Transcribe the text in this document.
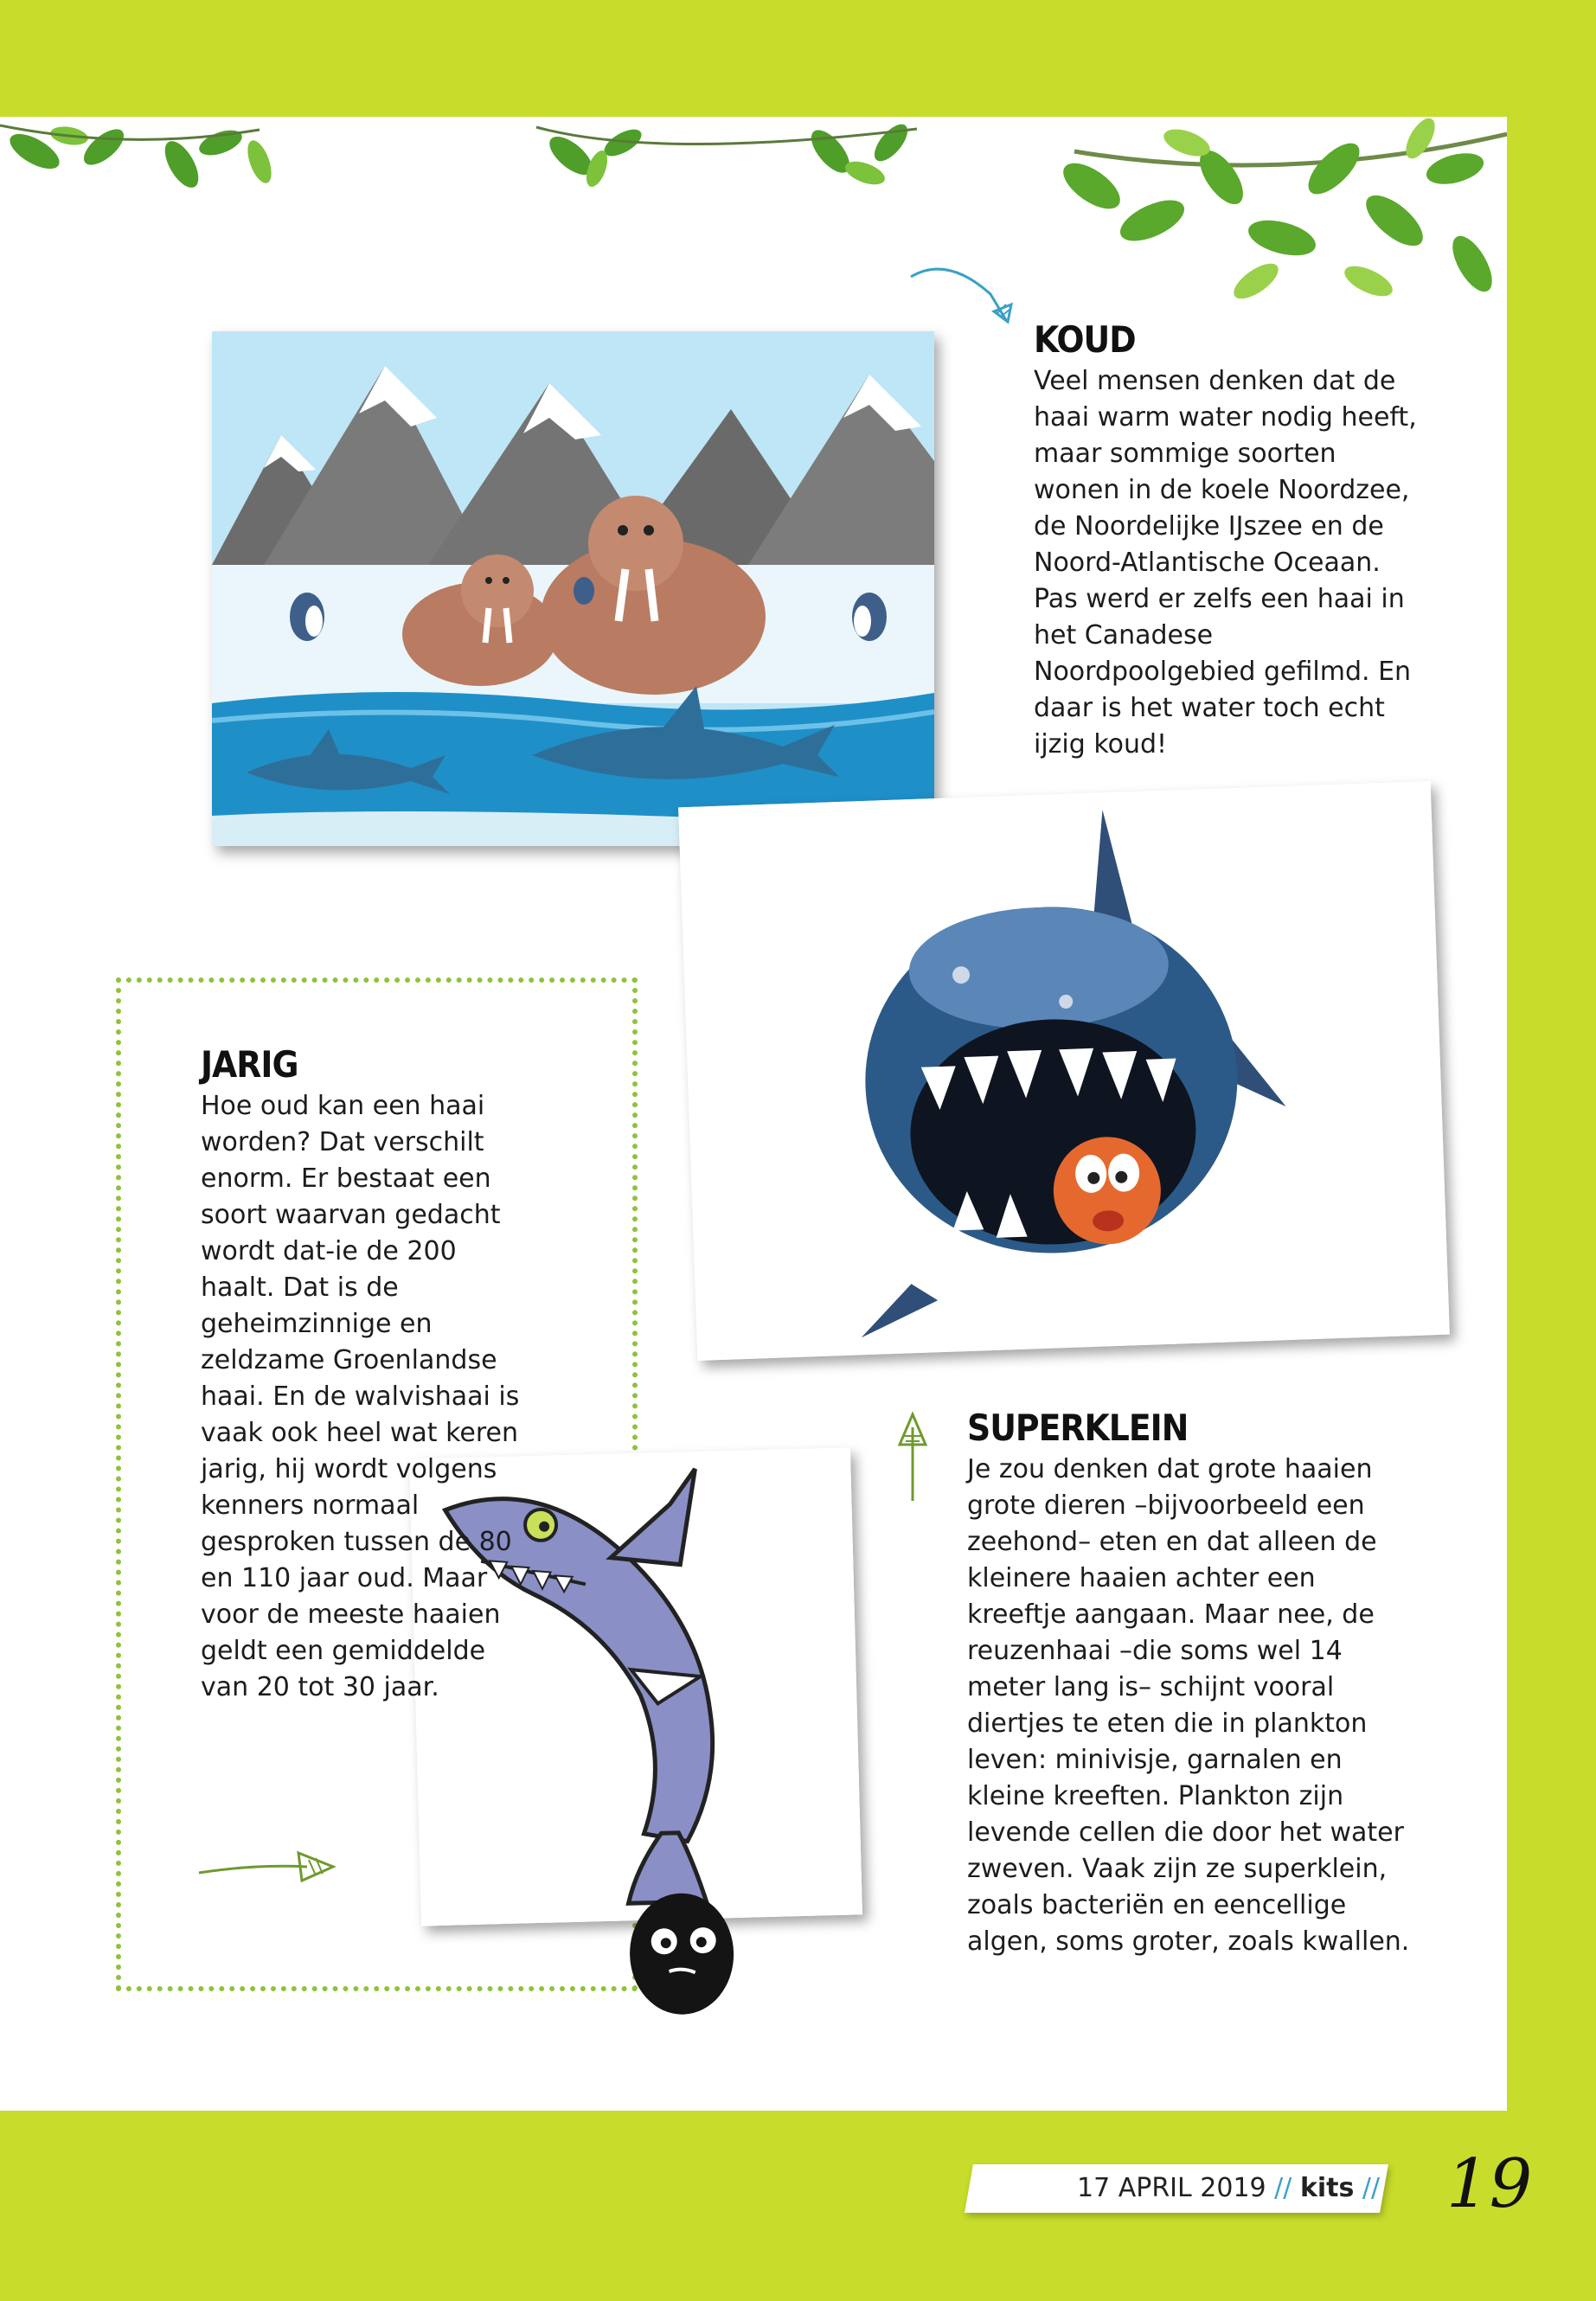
KOUD

Veel mensen denken dat de haai warm water nodig heeft, maar sommige soorten wonen in de koele Noordzee, de Noordelijke IJszee en de Noord-Atlantische Oceaan. Pas werd er zelfs een haai in het Canadese Noordpoolgebied gefilmd. En daar is het water toch echt ijzig koud!

JARIG

Hoe oud kan een haai worden? Dat verschilt enorm. Er bestaat een soort waarvan gedacht wordt dat-ie de 200 haalt. Dat is de geheimzinnige en zeldzame Groenlandse haai. En de walvishaai is vaak ook heel wat keren jarig, hij wordt volgens kenners normaal gesproken tussen de 80 en 110 jaar oud. Maar voor de meeste haaien geldt een gemiddelde van 20 tot 30 jaar.

SUPERKLEIN

Je zou denken dat grote haaien grote dieren –bijvoorbeeld een zeehond– eten en dat alleen de kleinere haaien achter een kreeftje aangaan. Maar nee, de reuzenhaai –die soms wel 14 meter lang is– schijnt vooral diertjes te eten die in plankton leven: minivisje, garnalen en kleine kreeften. Plankton zijn levende cellen die door het water zweven. Vaak zijn ze superklein, zoals bacteriën en eencellige algen, soms groter, zoals kwallen.

17 APRIL 2019 // kits // 19
